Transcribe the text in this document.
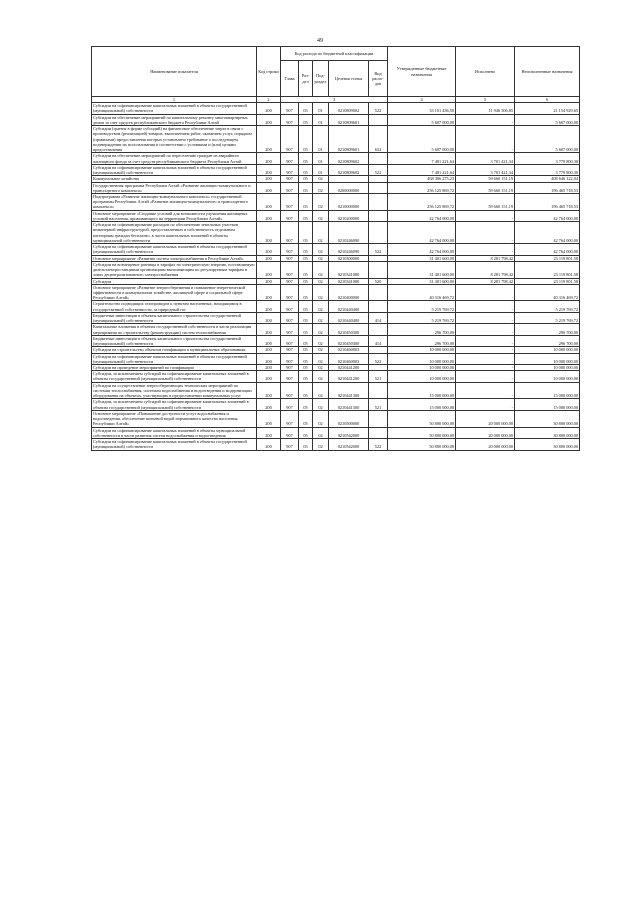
49
Наименование показателя	Код строки	Код расхода по бюджетной классификации					Утвержденные бюджетные назначения	Исполнено	Неисполненные назначения
		Глава	Раз-дел	Под-раздел	Целевая статья	Вид расхо-дов			
1	2	3					4	5	6
Субсидии на софинансирование капитальных вложений в объекты государственной (муниципальной) собственности	200	907	05	01	0210809002	522	33 101 436,50	11 946 506,85	21 154 929,65
Субсидии на обеспечение мероприятий по капитальному ремонту многоквартирных домов за счет средств республиканского бюджета Республики Алтай	200	907	05	01	0210809601		5 607 000,00	-	5 607 000,00
Субсидии (гранты в форме субсидий) на финансовое обеспечение затрат в связи с производством (реализацией) товаров, выполнением работ, оказанием услуг, порядком (правилами) предоставления которых установлено требование о последующем подтверждении их использования в соответствии с условиями и (или) целями предоставления	200	907	05	01	0210809601	632	5 607 000,00	-	5 607 000,00
Субсидии на обеспечение мероприятий по переселению граждан из аварийного жилищного фонда за счет средств республиканского бюджета Республики Алтай	200	907	05	01	0210809602		7 481 221,64	3 701 421,34	3 779 800,30
Субсидии на софинансирование капитальных вложений в объекты государственной (муниципальной) собственности	200	907	05	01	0210809602	522	7 481 221,64	3 701 421,34	3 779 800,30
Коммунальное хозяйство	200	907	05	02			468 306 275,23	59 660 151,19	408 646 122,04
Государственная программа Республики Алтай «Развитие жилищно-коммунального и транспортного комплекса»	200	907	05	02	0200000000		256 125 869,72	59 660 151,19	196 465 718,53
Подпрограмма «Развитие жилищно-коммунального комплекса» государственной программы Республики Алтай «Развитие жилищно-коммунального и транспортного комплекса»	200	907	05	02	0210000000		256 125 869,72	59 660 151,19	196 465 718,53
Основное мероприятие «Создание условий для возможности улучшения жилищных условий населения, проживающего на территории Республики Алтай»	200	907	05	02	0210200000		42 764 000,00	-	42 764 000,00
Субсидии на софинансирование расходов по обеспечению земельных участков инженерной инфраструктурой, предоставленных в собственность отдельным категориям граждан бесплатно, в части капитальных вложений в объекты муниципальной собственности	200	907	05	02	0210246090		42 764 000,00	-	42 764 000,00
Субсидии на софинансирование капитальных вложений в объекты государственной (муниципальной) собственности	200	907	05	02	0210246090	522	42 764 000,00	-	42 764 000,00
Основное мероприятие «Развитие систем электроснабжения в Республике Алтай»	200	907	05	02	0210300000		31 401 600,00	8 281 798,42	23 119 801,58
Субсидии на возмещение разницы в тарифах на электрическую энергию, поставляемую дизельэлектростанциями организациям выполняющим по регулируемым тарифам в зонах децентрализованного электроснабжения	200	907	05	02	0210341080		31 401 600,00	8 281 798,42	23 119 801,58
Субсидии	200	907	05	02	0210341080	520	31 401 600,00	8 281 798,42	23 119 801,58
Основное мероприятие «Развитие энергосбережения и повышение энергетической эффективности в коммунальном хозяйстве, жилищной сфере и социальной сфере Республики Алтай»	200	907	05	02	0210400000		40 316 469,72	-	40 316 469,72
Строительство подводящих газопроводов к пунктам населенных, находящимся в государственной собственности, за природный газ	200	907	05	02	0210440400		5 219 769,72	-	5 219 769,72
Бюджетные инвестиции в объекты капитального строительства государственной (муниципальной) собственности	200	907	05	02	0210440400	414	5 219 769,72	-	5 219 769,72
Капитальные вложения в объекты государственной собственности в части реализации мероприятия по строительству (реконструкции) систем теплоснабжения	200	907	05	02	0210450300		296 700,00	-	296 700,00
Бюджетные инвестиции в объекты капитального строительства государственной (муниципальной) собственности	200	907	05	02	0210450300	414	296 700,00	-	296 700,00
Субсидии на строительство объектов газификации в муниципальных образованиях	200	907	05	02	0210460003		10 000 000,00	-	10 000 000,00
Субсидии на софинансирование капитальных вложений в объекты государственной (муниципальной) собственности	200	907	05	02	0210460003	522	10 000 000,00	-	10 000 000,00
Субсидии на проведение мероприятий по газификации	200	907	05	02	0210441200		10 000 000,00	-	10 000 000,00
Субсидии, за исключением субсидий на софинансирование капитальных вложений в объекты государственной (муниципальной) собственности	200	907	05	02	0210441200	521	10 000 000,00	-	10 000 000,00
Субсидии на осуществление энергосберегающих технических мероприятий по системам теплоснабжения, системам водоснабжения и водоотведения и модернизации оборудования на объектах, участвующих в предоставлении коммунальных услуг	200	907	05	02	0210441300		15 000 000,00	-	15 000 000,00
Субсидии, за исключением субсидий на софинансирование капитальных вложений в объекты государственной (муниципальной) собственности	200	907	05	02	0210441300	521	15 000 000,00	-	15 000 000,00
Основное мероприятие «Повышение доступности услуг водоснабжения и водоотведения, обеспечение питьевой водой нормативного качества населения Республики Алтай»	200	907	05	02	0210500000		50 800 000,00	20 000 000,00	30 800 000,00
Субсидии на софинансирование капитальных вложений в объекты муниципальной собственности в части развития систем водоснабжения и водоотведения	200	907	05	02	0210542000		50 800 000,00	20 000 000,00	30 800 000,00
Субсидии на софинансирование капитальных вложений в объекты государственной (муниципальной) собственности	200	907	05	02	0210542000	522	50 800 000,00	20 000 000,00	30 800 000,00
